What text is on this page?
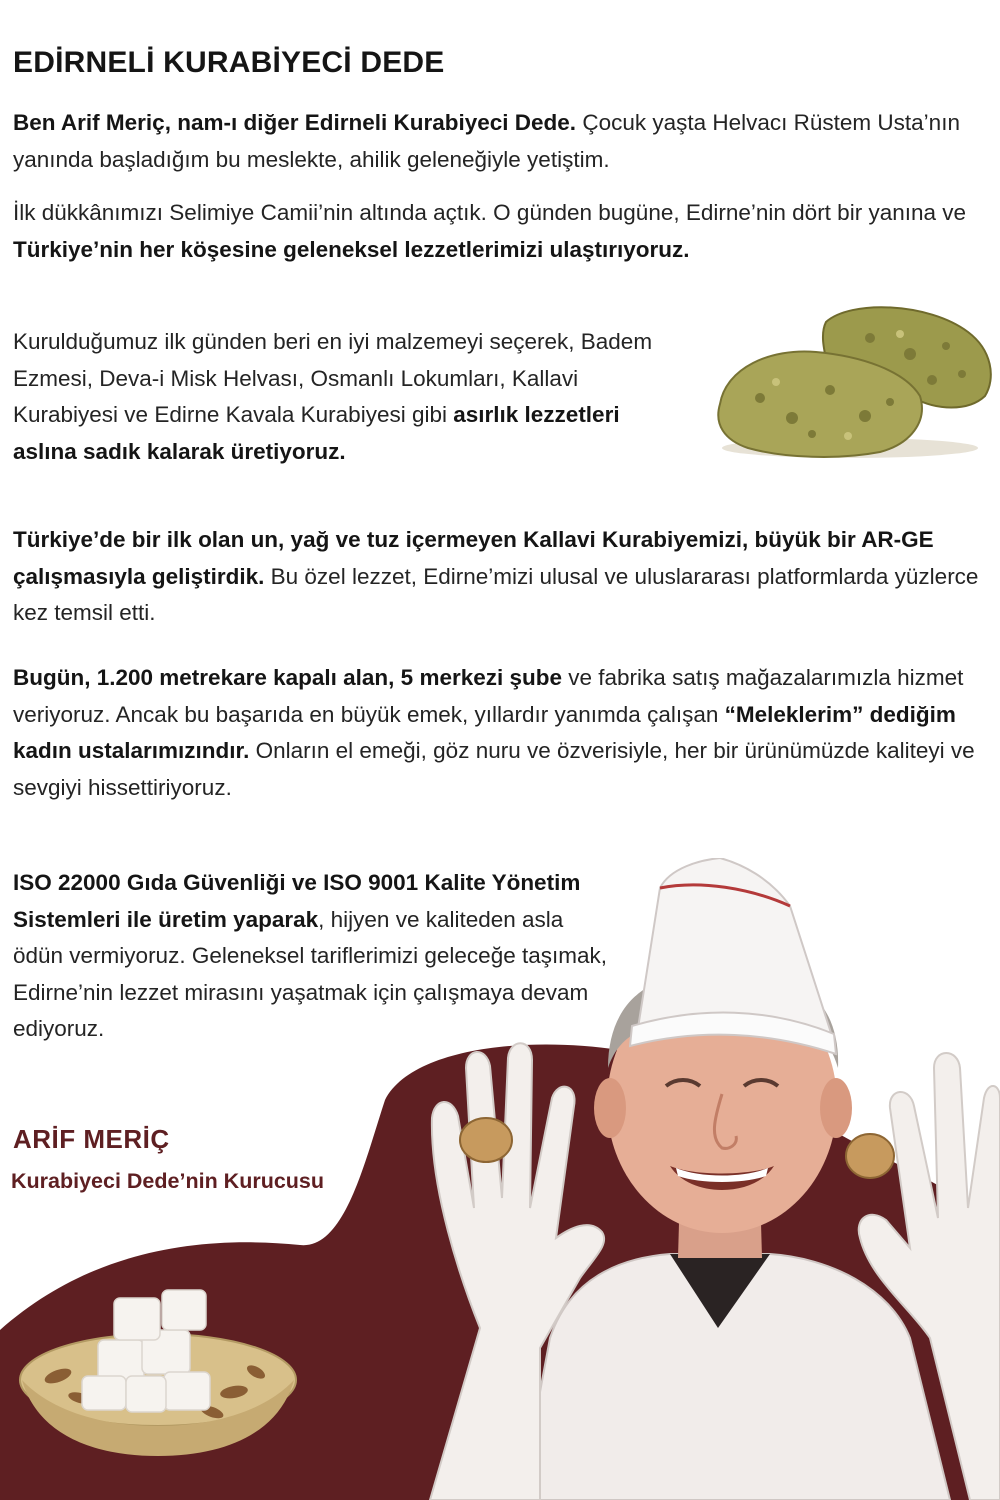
EDİRNELİ KURABİYECİ DEDE

Ben Arif Meriç, nam-ı diğer Edirneli Kurabiyeci Dede. Çocuk yaşta Helvacı Rüstem Usta’nın yanında başladığım bu meslekte, ahilik geleneğiyle yetiştim.

İlk dükkânımızı Selimiye Camii’nin altında açtık. O günden bugüne, Edirne’nin dört bir yanına ve Türkiye’nin her köşesine geleneksel lezzetlerimizi ulaştırıyoruz.

Kurulduğumuz ilk günden beri en iyi malzemeyi seçerek, Badem Ezmesi, Deva-i Misk Helvası, Osmanlı Lokumları, Kallavi Kurabiyesi ve Edirne Kavala Kurabiyesi gibi asırlık lezzetleri aslına sadık kalarak üretiyoruz.

Türkiye’de bir ilk olan un, yağ ve tuz içermeyen Kallavi Kurabiyemizi, büyük bir AR-GE çalışmasıyla geliştirdik. Bu özel lezzet, Edirne’mizi ulusal ve uluslararası platformlarda yüzlerce kez temsil etti.

Bugün, 1.200 metrekare kapalı alan, 5 merkezi şube ve fabrika satış mağazalarımızla hizmet veriyoruz. Ancak bu başarıda en büyük emek, yıllardır yanımda çalışan “Meleklerim” dediğim kadın ustalarımızındır. Onların el emeği, göz nuru ve özverisiyle, her bir ürünümüzde kaliteyi ve sevgiyi hissettiriyoruz.

ISO 22000 Gıda Güvenliği ve ISO 9001 Kalite Yönetim Sistemleri ile üretim yaparak, hijyen ve kaliteden asla ödün vermiyoruz. Geleneksel tariflerimizi geleceğe taşımak, Edirne’nin lezzet mirasını yaşatmak için çalışmaya devam ediyoruz.

ARİF MERİÇ

Kurabiyeci Dede’nin Kurucusu
